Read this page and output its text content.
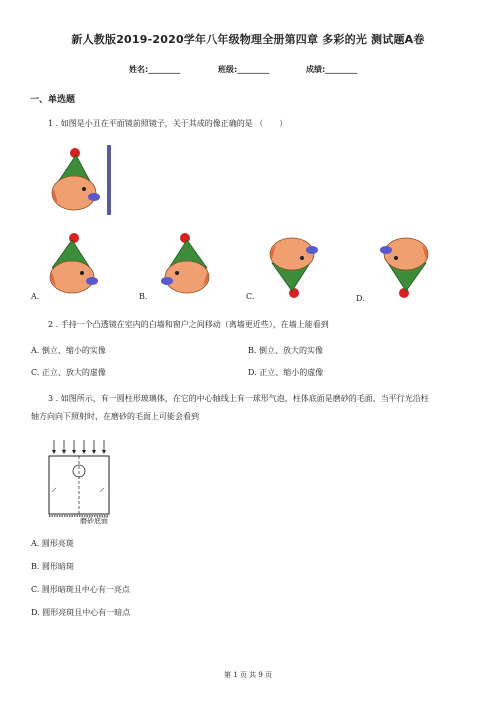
新人教版2019-2020学年八年级物理全册第四章 多彩的光 测试题A卷
姓名:________	班级:________	成绩:________
一、单选题
1 . 如图是小丑在平面镜前照镜子，关于其成的像正确的是 （　　）
A.	B.	C.	D.
2 . 手持一个凸透镜在室内的白墙和窗户之间移动（离墙更近些），在墙上能看到
A. 倒立、缩小的实像	B. 倒立、放大的实像
C. 正立、放大的虚像	D. 正立、缩小的虚像
3 . 如图所示，有一圆柱形玻璃体，在它的中心轴线上有一球形气泡，柱体底面是磨砂的毛面，当平行光沿柱
轴方向向下照射时，在磨砂的毛面上可能会看到
磨砂底面
A. 圆形亮斑
B. 圆形暗斑
C. 圆形暗斑且中心有一亮点
D. 圆形亮斑且中心有一暗点
第 1 页 共 9 页
